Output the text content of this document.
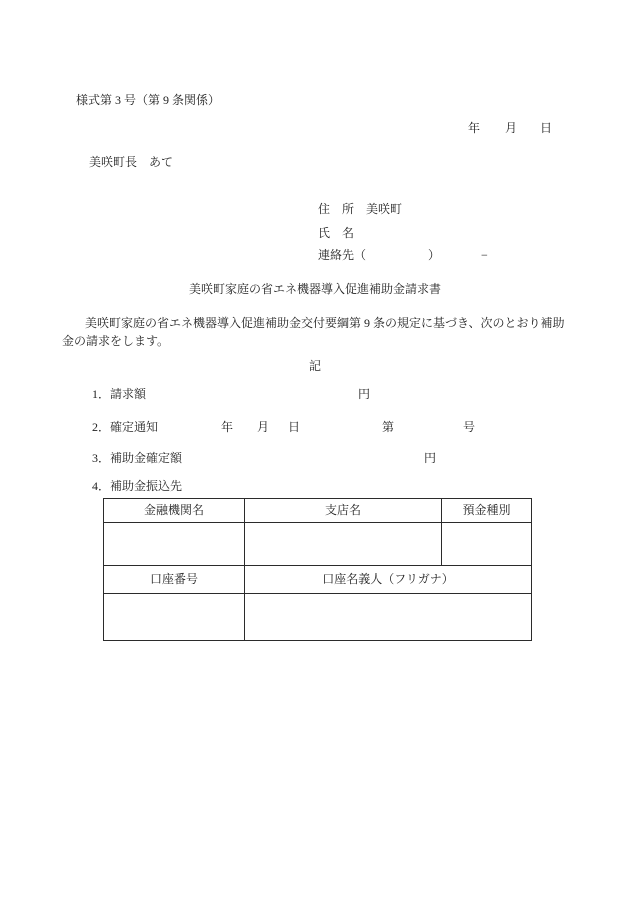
様式第 3 号（第 9 条関係）
年 月 日
美咲町長　あて
住　所　美咲町
氏　名
連絡先（	）	−
美咲町家庭の省エネ機器導入促進補助金請求書
美咲町家庭の省エネ機器導入促進補助金交付要綱第 9 条の規定に基づき、次のとおり補助金の請求をします。
記
1．請求額	円
2．確定通知	年 月 日	第	号
3．補助金確定額	円
4．補助金振込先
金融機関名	支店名	預金種別

口座番号	口座名義人（フリガナ）	
